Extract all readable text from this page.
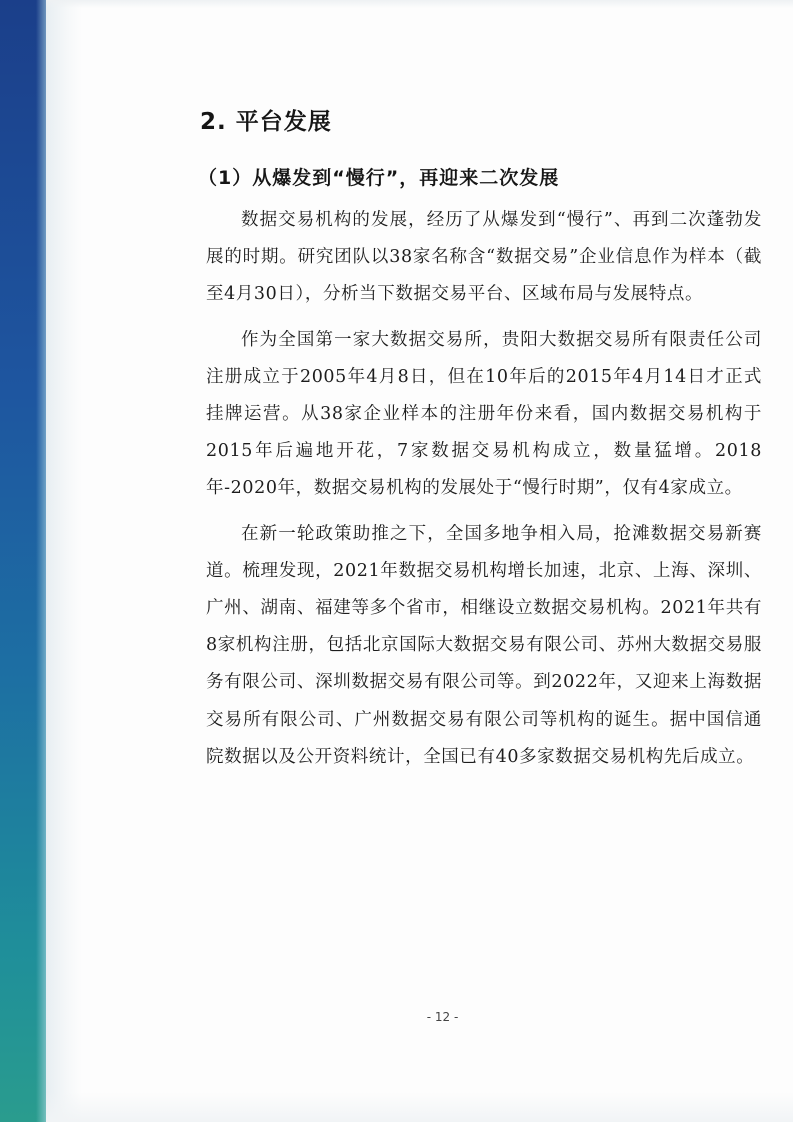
2. 平台发展
（1）从爆发到“慢行”，再迎来二次发展

数据交易机构的发展，经历了从爆发到“慢行”、再到二次蓬勃发展的时期。研究团队以38家名称含“数据交易”企业信息作为样本（截至4月30日），分析当下数据交易平台、区域布局与发展特点。

作为全国第一家大数据交易所，贵阳大数据交易所有限责任公司注册成立于2005年4月8日，但在10年后的2015年4月14日才正式挂牌运营。从38家企业样本的注册年份来看，国内数据交易机构于2015年后遍地开花，7家数据交易机构成立，数量猛增。2018年-2020年，数据交易机构的发展处于“慢行时期”，仅有4家成立。

在新一轮政策助推之下，全国多地争相入局，抢滩数据交易新赛道。梳理发现，2021年数据交易机构增长加速，北京、上海、深圳、广州、湖南、福建等多个省市，相继设立数据交易机构。2021年共有8家机构注册，包括北京国际大数据交易有限公司、苏州大数据交易服务有限公司、深圳数据交易有限公司等。到2022年，又迎来上海数据交易所有限公司、广州数据交易有限公司等机构的诞生。据中国信通院数据以及公开资料统计，全国已有40多家数据交易机构先后成立。

- 12 -
